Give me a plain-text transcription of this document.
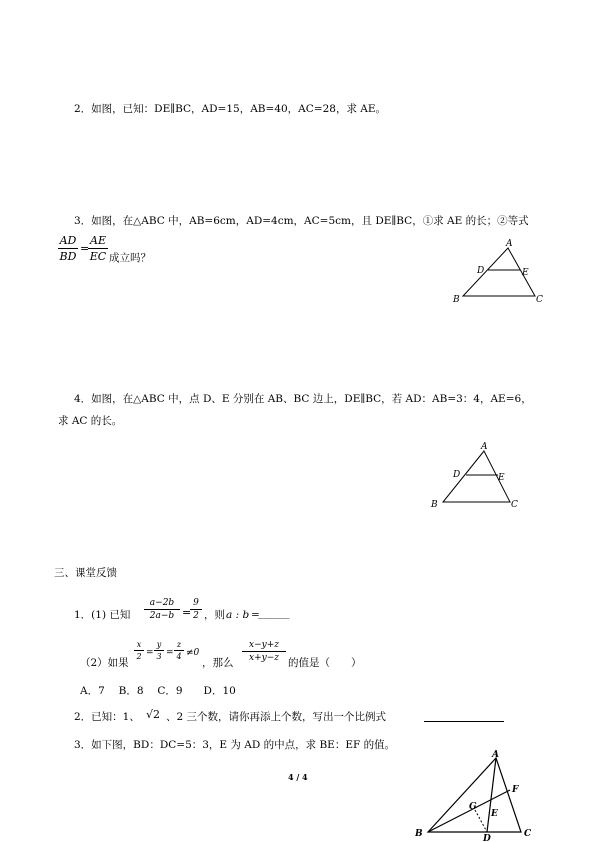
2．如图，已知：DE∥BC，AD=15，AB=40，AC=28，求 AE。
3．如图，在△ABC 中，AB=6cm，AD=4cm，AC=5cm，且 DE∥BC，①求 AE 的长；②等式
AD
BD
=
AE
EC 成立吗？
A
D	E
B	C
4．如图，在△ABC 中，点 D、E 分别在 AB、BC 边上，DE∥BC，若 AD：AB=3：4，AE=6，
求 AC 的长。
A
D	E
B	C
三、课堂反馈
1．(1) 已知
a−2b
2a−b =
9
2 ，则 a : b =
______
（2）如果
x
2 =
y
3 =
z
4 ≠0
，那么
x−y+z
x+y−z 的值是（　　）
A．7　 B．8　 C．9　　D．10
2．已知：1、 √2 、2 三个数，请你再添上个数，写出一个比例式
3．如下图，BD：DC=5：3，E 为 AD 的中点，求 BE：EF 的值。
4 / 4
A
F
G
E
B	D	C
